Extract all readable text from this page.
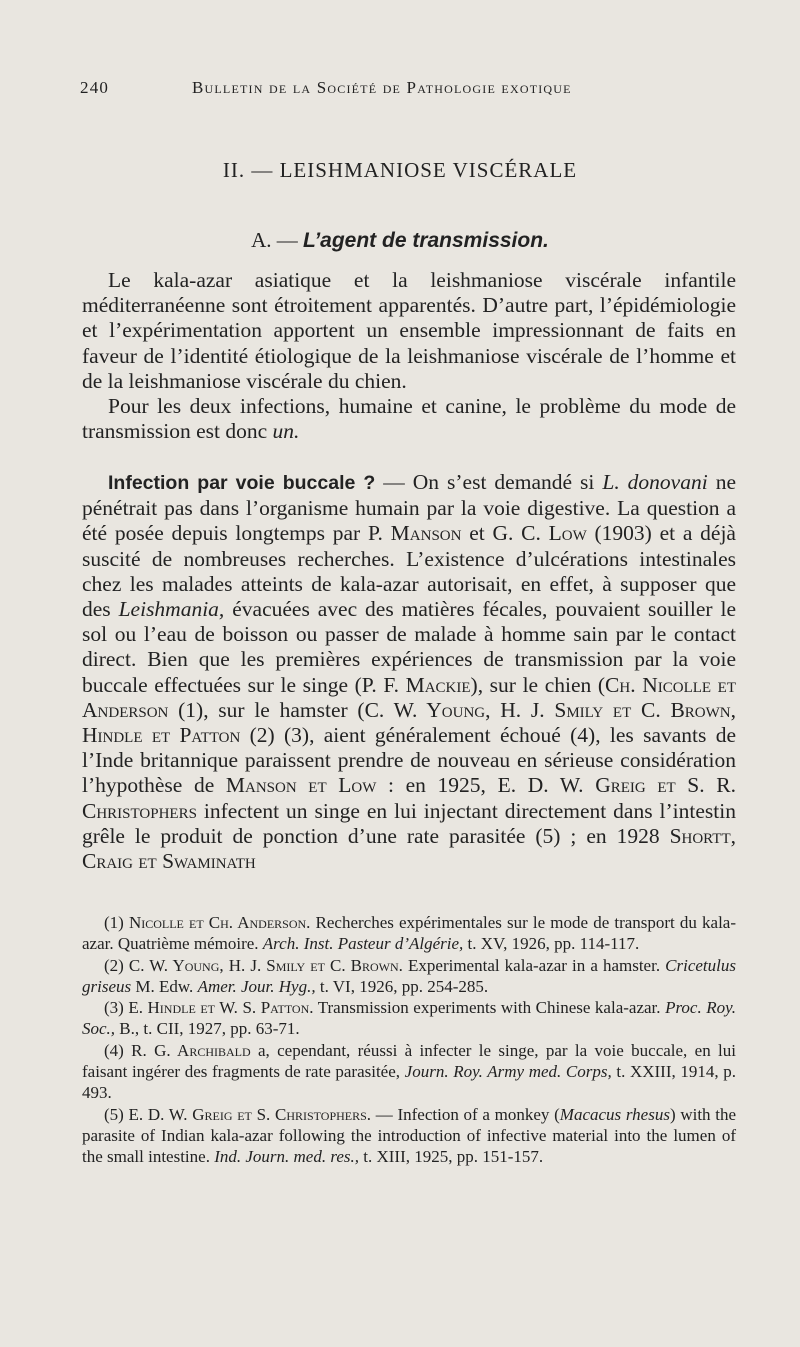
240	Bulletin de la Société de Pathologie exotique
II. — LEISHMANIOSE VISCÉRALE
A. — L’agent de transmission.

Le kala-azar asiatique et la leishmaniose viscérale infantile méditerranéenne sont étroitement apparentés. D’autre part, l’épidémiologie et l’expérimentation apportent un ensemble impressionnant de faits en faveur de l’identité étiologique de la leishmaniose viscérale de l’homme et de la leishmaniose viscérale du chien.

Pour les deux infections, humaine et canine, le problème du mode de transmission est donc un.

Infection par voie buccale ? — On s’est demandé si L. donovani ne pénétrait pas dans l’organisme humain par la voie digestive. La question a été posée depuis longtemps par P. Manson et G. C. Low (1903) et a déjà suscité de nombreuses recherches. L’existence d’ulcérations intestinales chez les malades atteints de kala-azar autorisait, en effet, à supposer que des Leishmania, évacuées avec des matières fécales, pouvaient souiller le sol ou l’eau de boisson ou passer de malade à homme sain par le contact direct. Bien que les premières expériences de transmission par la voie buccale effectuées sur le singe (P. F. Mackie), sur le chien (Ch. Nicolle et Anderson (1), sur le hamster (C. W. Young, H. J. Smily et C. Brown, Hindle et Patton (2) (3), aient généralement échoué (4), les savants de l’Inde britannique paraissent prendre de nouveau en sérieuse considération l’hypothèse de Manson et Low : en 1925, E. D. W. Greig et S. R. Christophers infectent un singe en lui injectant directement dans l’intestin grêle le produit de ponction d’une rate parasitée (5) ; en 1928 Shortt, Craig et Swaminath

(1) Nicolle et Ch. Anderson. Recherches expérimentales sur le mode de transport du kala-azar. Quatrième mémoire. Arch. Inst. Pasteur d’Algérie, t. XV, 1926, pp. 114-117.

(2) C. W. Young, H. J. Smily et C. Brown. Experimental kala-azar in a hamster. Cricetulus griseus M. Edw. Amer. Jour. Hyg., t. VI, 1926, pp. 254-285.

(3) E. Hindle et W. S. Patton. Transmission experiments with Chinese kala-azar. Proc. Roy. Soc., B., t. CII, 1927, pp. 63-71.

(4) R. G. Archibald a, cependant, réussi à infecter le singe, par la voie buccale, en lui faisant ingérer des fragments de rate parasitée, Journ. Roy. Army med. Corps, t. XXIII, 1914, p. 493.

(5) E. D. W. Greig et S. Christophers. — Infection of a monkey (Macacus rhesus) with the parasite of Indian kala-azar following the introduction of infective material into the lumen of the small intestine. Ind. Journ. med. res., t. XIII, 1925, pp. 151-157.
